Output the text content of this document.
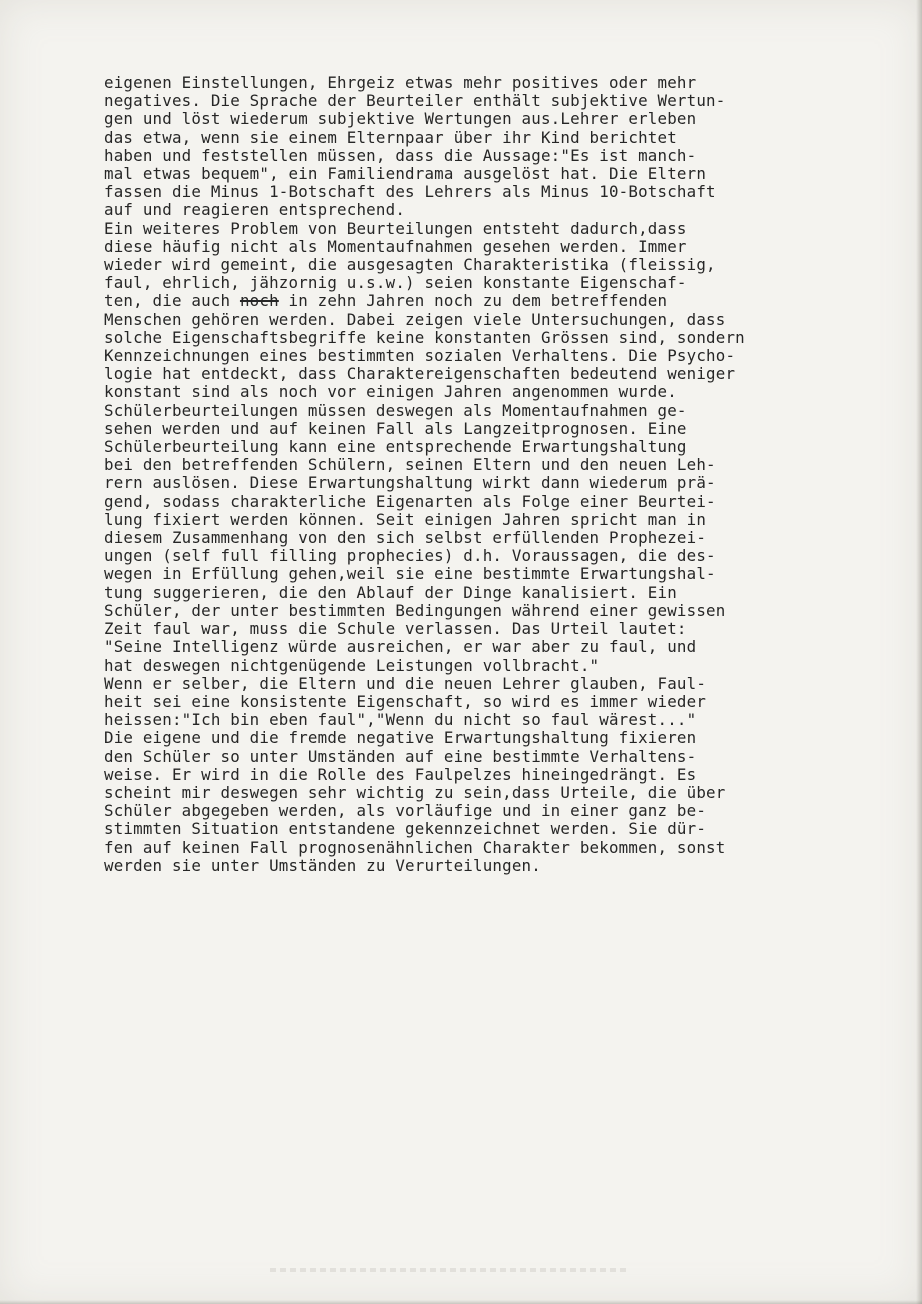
eigenen Einstellungen, Ehrgeiz etwas mehr positives oder mehr
negatives. Die Sprache der Beurteiler enthält subjektive Wertun-
gen und löst wiederum subjektive Wertungen aus.Lehrer erleben
das etwa, wenn sie einem Elternpaar über ihr Kind berichtet
haben und feststellen müssen, dass die Aussage:"Es ist manch-
mal etwas bequem", ein Familiendrama ausgelöst hat. Die Eltern
fassen die Minus 1-Botschaft des Lehrers als Minus 10-Botschaft
auf und reagieren entsprechend.
Ein weiteres Problem von Beurteilungen entsteht dadurch,dass
diese häufig nicht als Momentaufnahmen gesehen werden. Immer
wieder wird gemeint, die ausgesagten Charakteristika (fleissig,
faul, ehrlich, jähzornig u.s.w.) seien konstante Eigenschaf-
ten, die auch noch in zehn Jahren noch zu dem betreffenden
Menschen gehören werden. Dabei zeigen viele Untersuchungen, dass
solche Eigenschaftsbegriffe keine konstanten Grössen sind, sondern
Kennzeichnungen eines bestimmten sozialen Verhaltens. Die Psycho-
logie hat entdeckt, dass Charaktereigenschaften bedeutend weniger
konstant sind als noch vor einigen Jahren angenommen wurde.
Schülerbeurteilungen müssen deswegen als Momentaufnahmen ge-
sehen werden und auf keinen Fall als Langzeitprognosen. Eine
Schülerbeurteilung kann eine entsprechende Erwartungshaltung
bei den betreffenden Schülern, seinen Eltern und den neuen Leh-
rern auslösen. Diese Erwartungshaltung wirkt dann wiederum prä-
gend, sodass charakterliche Eigenarten als Folge einer Beurtei-
lung fixiert werden können. Seit einigen Jahren spricht man in
diesem Zusammenhang von den sich selbst erfüllenden Prophezei-
ungen (self full filling prophecies) d.h. Voraussagen, die des-
wegen in Erfüllung gehen,weil sie eine bestimmte Erwartungshal-
tung suggerieren, die den Ablauf der Dinge kanalisiert. Ein
Schüler, der unter bestimmten Bedingungen während einer gewissen
Zeit faul war, muss die Schule verlassen. Das Urteil lautet:
"Seine Intelligenz würde ausreichen, er war aber zu faul, und
hat deswegen nichtgenügende Leistungen vollbracht."
Wenn er selber, die Eltern und die neuen Lehrer glauben, Faul-
heit sei eine konsistente Eigenschaft, so wird es immer wieder
heissen:"Ich bin eben faul","Wenn du nicht so faul wärest..."
Die eigene und die fremde negative Erwartungshaltung fixieren
den Schüler so unter Umständen auf eine bestimmte Verhaltens-
weise. Er wird in die Rolle des Faulpelzes hineingedrängt. Es
scheint mir deswegen sehr wichtig zu sein,dass Urteile, die über
Schüler abgegeben werden, als vorläufige und in einer ganz be-
stimmten Situation entstandene gekennzeichnet werden. Sie dür-
fen auf keinen Fall prognosenähnlichen Charakter bekommen, sonst
werden sie unter Umständen zu Verurteilungen.
